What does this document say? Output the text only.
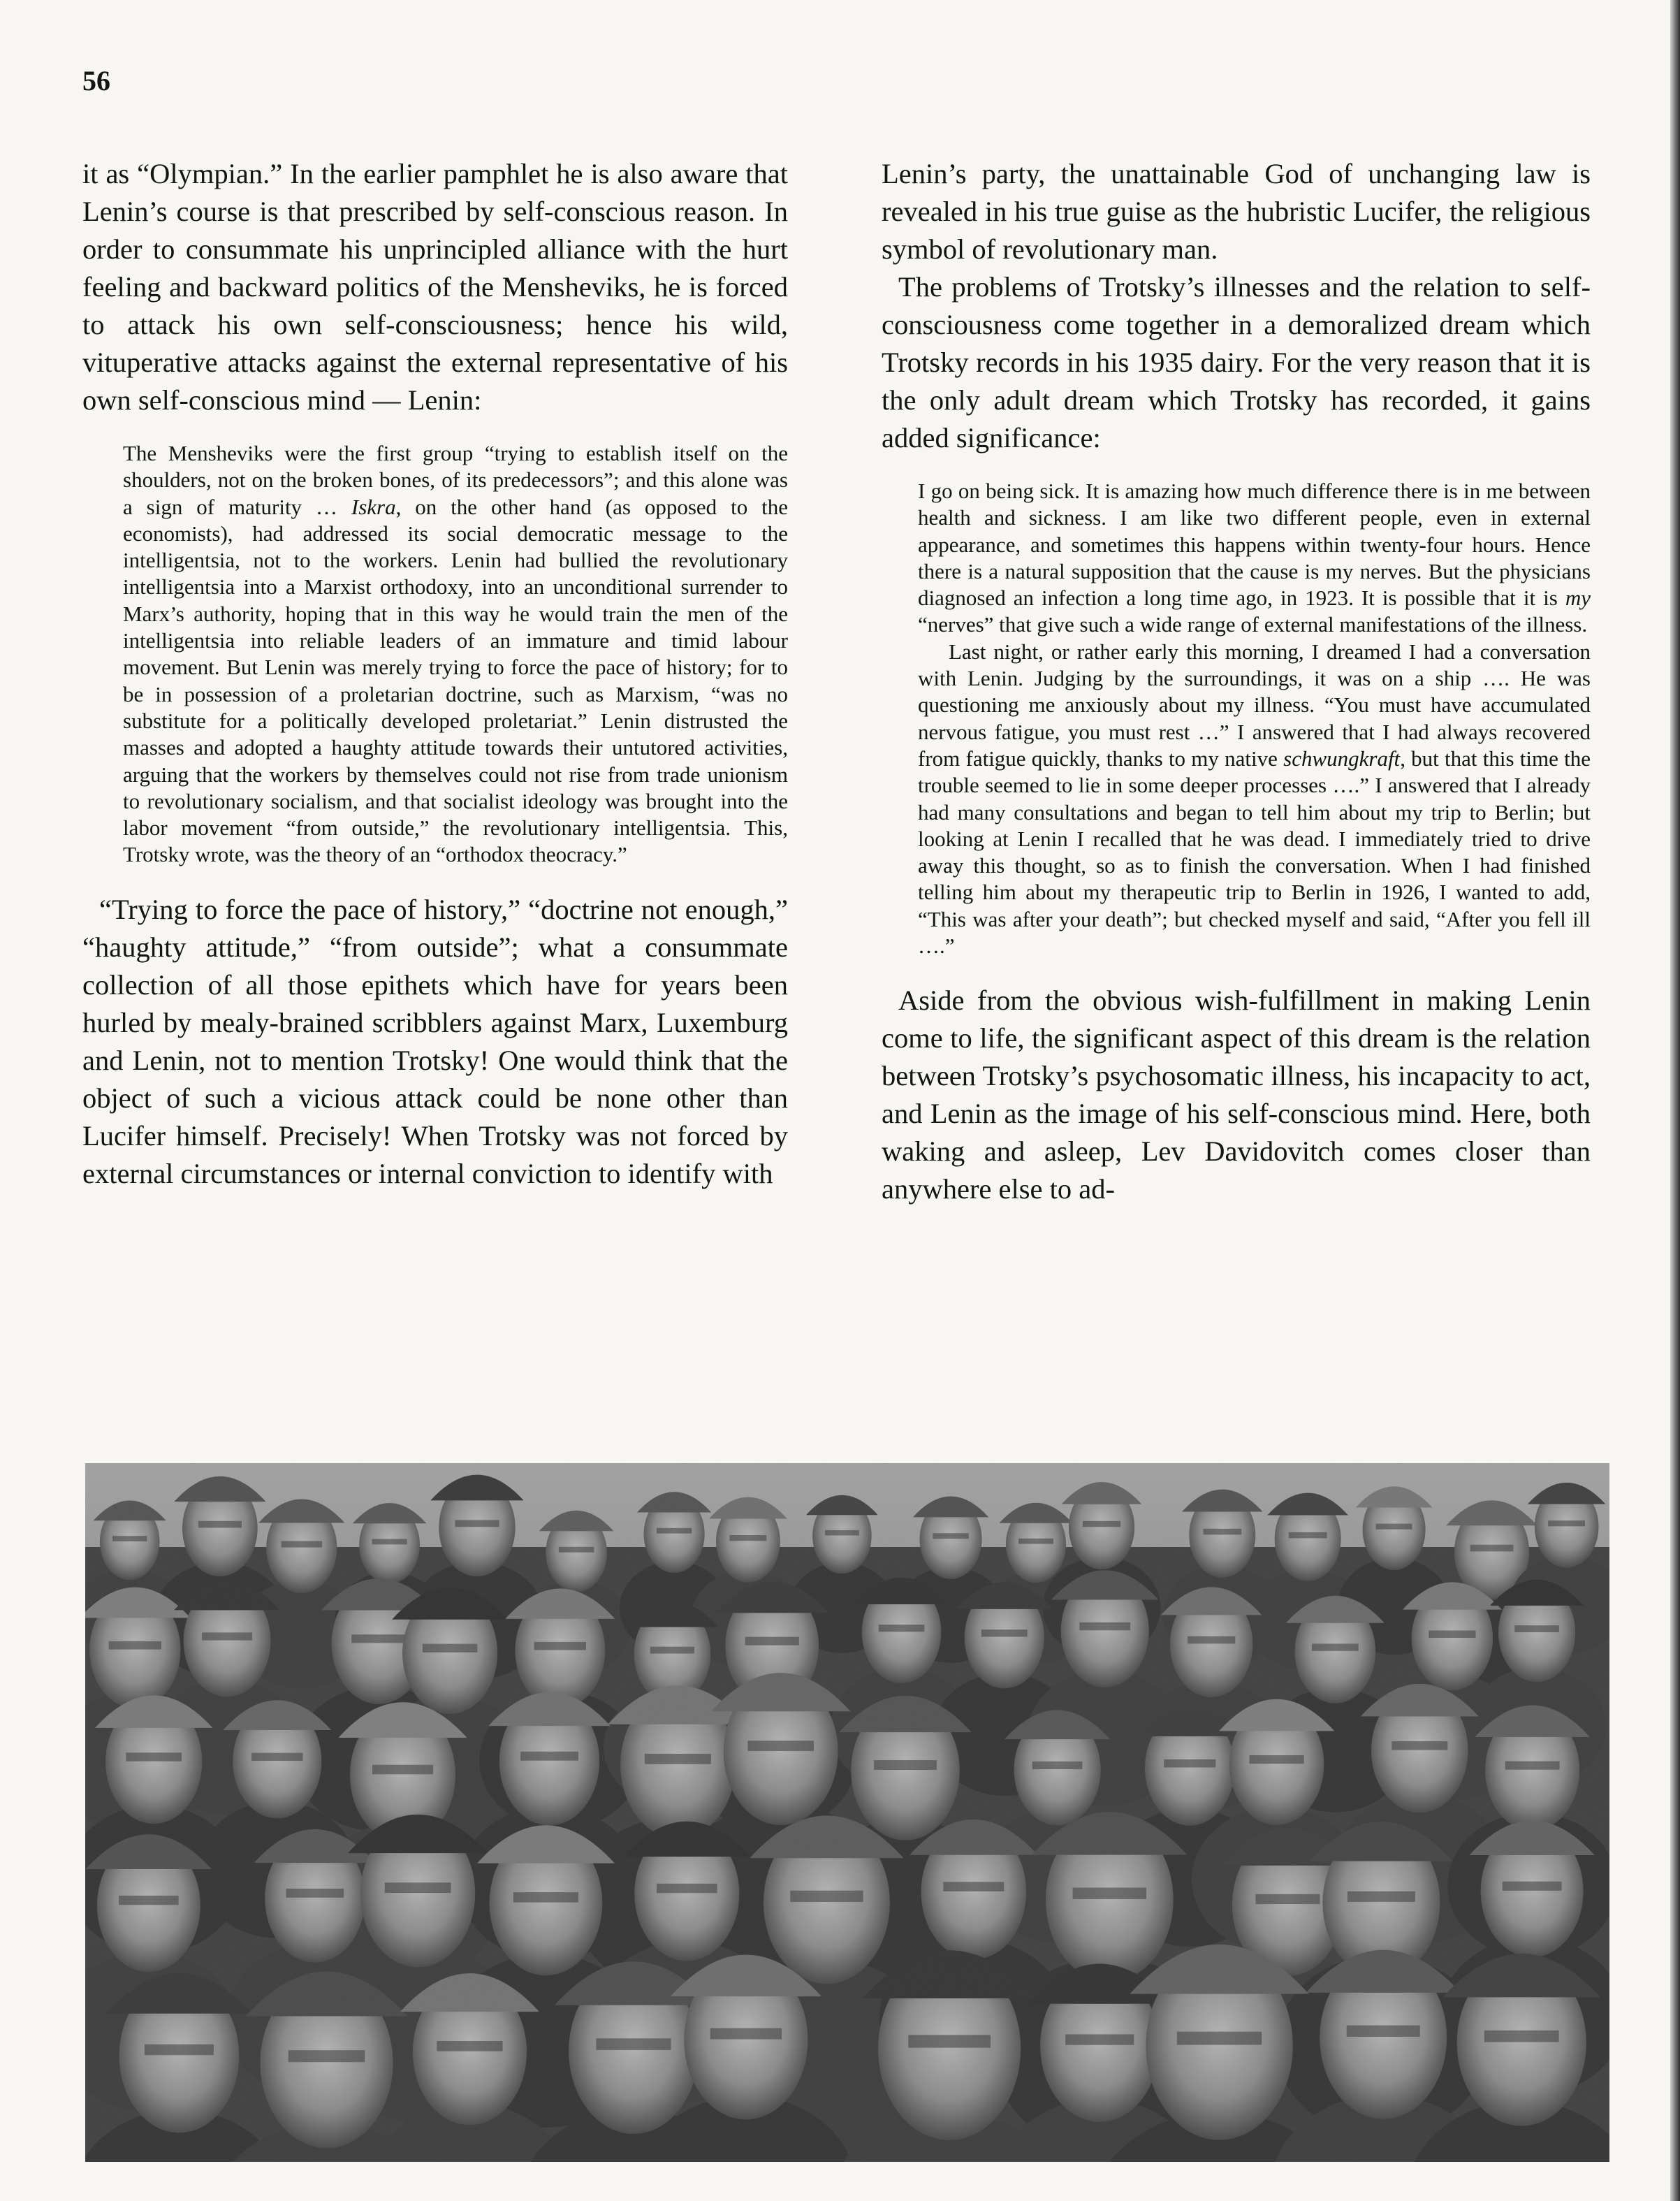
56

it as “Olympian.” In the earlier pamphlet he is also aware that Lenin’s course is that prescribed by self-conscious reason. In order to consummate his unprincipled alliance with the hurt feeling and backward politics of the Mensheviks, he is forced to attack his own self-consciousness; hence his wild, vituperative attacks against the external representative of his own self-conscious mind — Lenin:

The Mensheviks were the first group “trying to establish itself on the shoulders, not on the broken bones, of its predecessors”; and this alone was a sign of maturity … Iskra, on the other hand (as opposed to the economists), had addressed its social democratic message to the intelligentsia, not to the workers. Lenin had bullied the revolutionary intelligentsia into a Marxist orthodoxy, into an unconditional surrender to Marx’s authority, hoping that in this way he would train the men of the intelligentsia into reliable leaders of an immature and timid labour movement. But Lenin was merely trying to force the pace of history; for to be in possession of a proletarian doctrine, such as Marxism, “was no substitute for a politically developed proletariat.” Lenin distrusted the masses and adopted a haughty attitude towards their untutored activities, arguing that the workers by themselves could not rise from trade unionism to revolutionary socialism, and that socialist ideology was brought into the labor movement “from outside,” the revolutionary intelligentsia. This, Trotsky wrote, was the theory of an “orthodox theocracy.”

“Trying to force the pace of history,” “doctrine not enough,” “haughty attitude,” “from outside”; what a consummate collection of all those epithets which have for years been hurled by mealy-brained scribblers against Marx, Luxemburg and Lenin, not to mention Trotsky! One would think that the object of such a vicious attack could be none other than Lucifer himself. Precisely! When Trotsky was not forced by external circumstances or internal conviction to identify with

Lenin’s party, the unattainable God of unchanging law is revealed in his true guise as the hubristic Lucifer, the religious symbol of revolutionary man.

The problems of Trotsky’s illnesses and the relation to self-consciousness come together in a demoralized dream which Trotsky records in his 1935 dairy. For the very reason that it is the only adult dream which Trotsky has recorded, it gains added significance:

I go on being sick. It is amazing how much difference there is in me between health and sickness. I am like two different people, even in external appearance, and sometimes this happens within twenty-four hours. Hence there is a natural supposition that the cause is my nerves. But the physicians diagnosed an infection a long time ago, in 1923. It is possible that it is my “nerves” that give such a wide range of external manifestations of the illness.

Last night, or rather early this morning, I dreamed I had a conversation with Lenin. Judging by the surroundings, it was on a ship …. He was questioning me anxiously about my illness. “You must have accumulated nervous fatigue, you must rest …” I answered that I had always recovered from fatigue quickly, thanks to my native schwungkraft, but that this time the trouble seemed to lie in some deeper processes ….” I answered that I already had many consultations and began to tell him about my trip to Berlin; but looking at Lenin I recalled that he was dead. I immediately tried to drive away this thought, so as to finish the conversation. When I had finished telling him about my therapeutic trip to Berlin in 1926, I wanted to add, “This was after your death”; but checked myself and said, “After you fell ill ….”

Aside from the obvious wish-fulfillment in making Lenin come to life, the significant aspect of this dream is the relation between Trotsky’s psychosomatic illness, his incapacity to act, and Lenin as the image of his self-conscious mind. Here, both waking and asleep, Lev Davidovitch comes closer than anywhere else to ad-
